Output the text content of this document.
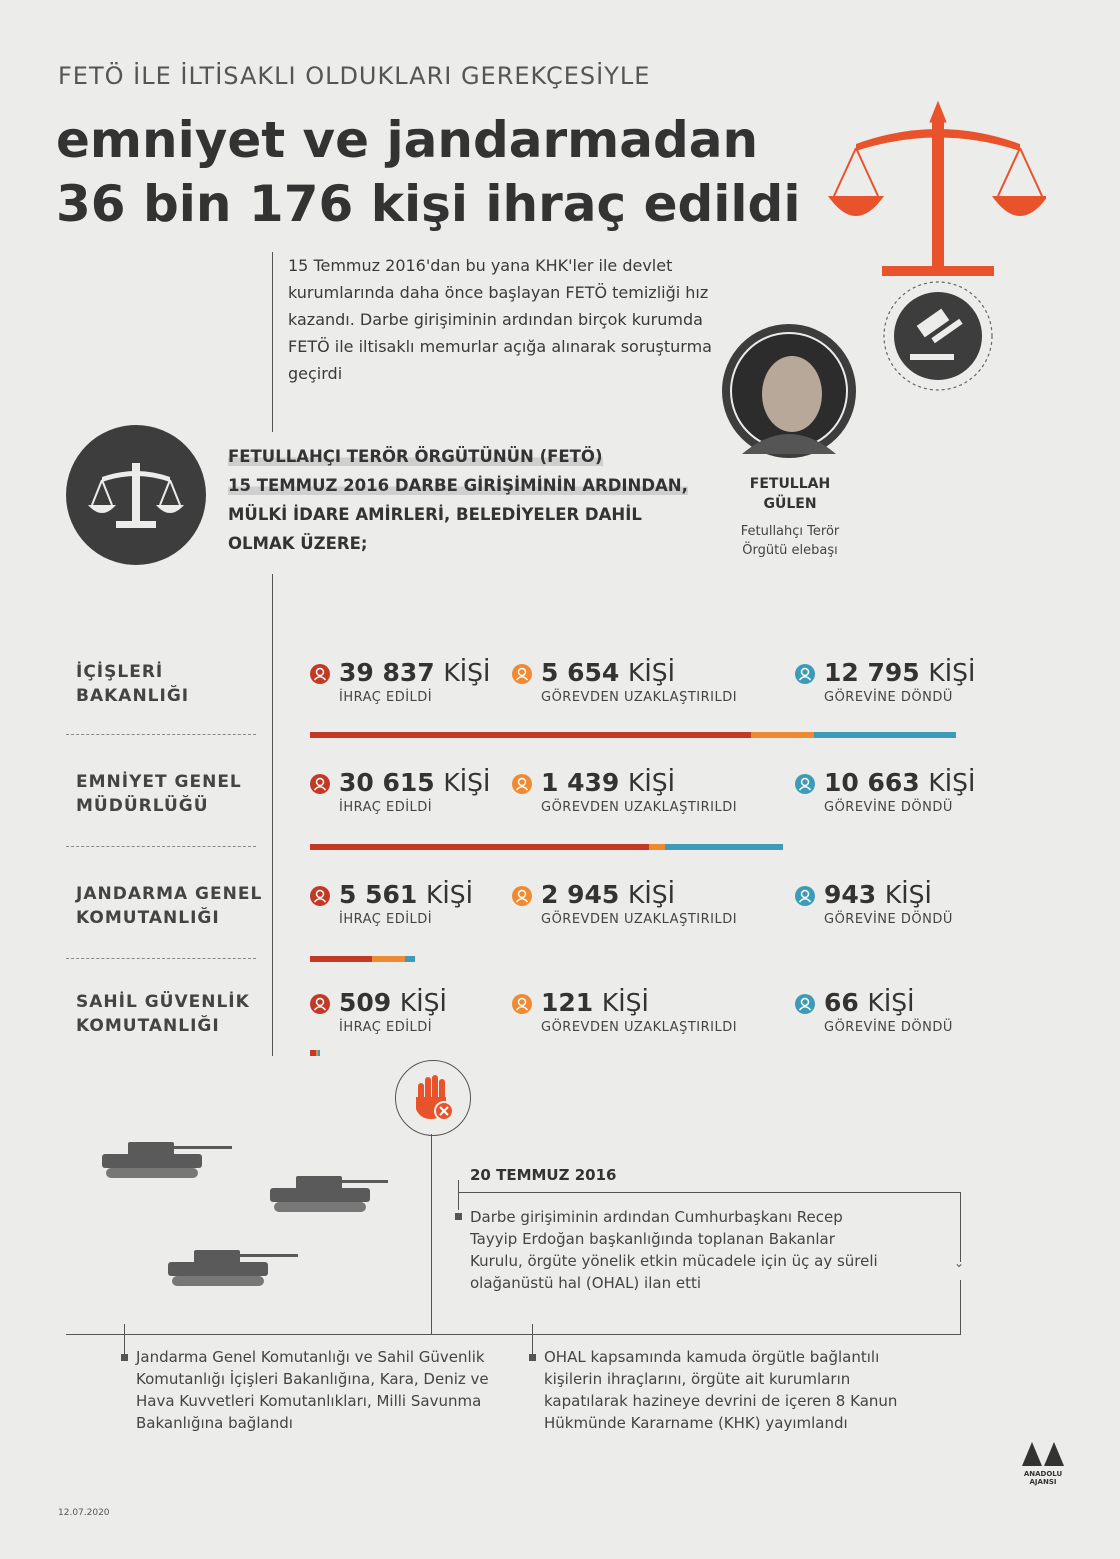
FETÖ İLE İLTİSAKLI OLDUKLARI GEREKÇESİYLE
emniyet ve jandarmadan 36 bin 176 kişi ihraç edildi
15 Temmuz 2016'dan bu yana KHK'ler ile devlet kurumlarında daha önce başlayan FETÖ temizliği hız kazandı. Darbe girişiminin ardından birçok kurumda FETÖ ile iltisaklı memurlar açığa alınarak soruşturma geçirdi
FETULLAH GÜLEN
Fetullahçı Terör Örgütü elebaşı
FETULLAHÇI TERÖR ÖRGÜTÜNÜN (FETÖ)
15 TEMMUZ 2016 DARBE GİRİŞİMİNİN ARDINDAN,
MÜLKİ İDARE AMİRLERİ, BELEDİYELER DAHİL
OLMAK ÜZERE;
İÇİŞLERİ
BAKANLIĞI
39 837 KİŞİ
İHRAÇ EDİLDİ
5 654 KİŞİ
GÖREVDEN UZAKLAŞTIRILDI
12 795 KİŞİ
GÖREVİNE DÖNDÜ
EMNİYET GENEL
MÜDÜRLÜĞÜ
30 615 KİŞİ
İHRAÇ EDİLDİ
1 439 KİŞİ
GÖREVDEN UZAKLAŞTIRILDI
10 663 KİŞİ
GÖREVİNE DÖNDÜ
JANDARMA GENEL
KOMUTANLIĞI
5 561 KİŞİ
İHRAÇ EDİLDİ
2 945 KİŞİ
GÖREVDEN UZAKLAŞTIRILDI
943 KİŞİ
GÖREVİNE DÖNDÜ
SAHİL GÜVENLİK
KOMUTANLIĞI
509 KİŞİ
İHRAÇ EDİLDİ
121 KİŞİ
GÖREVDEN UZAKLAŞTIRILDI
66 KİŞİ
GÖREVİNE DÖNDÜ
⌄
20 TEMMUZ 2016
Darbe girişiminin ardından Cumhurbaşkanı Recep Tayyip Erdoğan başkanlığında toplanan Bakanlar Kurulu, örgüte yönelik etkin mücadele için üç ay süreli olağanüstü hal (OHAL) ilan etti
Jandarma Genel Komutanlığı ve Sahil Güvenlik Komutanlığı İçişleri Bakanlığına, Kara, Deniz ve Hava Kuvvetleri Komutanlıkları, Milli Savunma Bakanlığına bağlandı
OHAL kapsamında kamuda örgütle bağlantılı kişilerin ihraçlarını, örgüte ait kurumların kapatılarak hazineye devrini de içeren 8 Kanun Hükmünde Kararname (KHK) yayımlandı
12.07.2020
ANADOLU AJANSI
